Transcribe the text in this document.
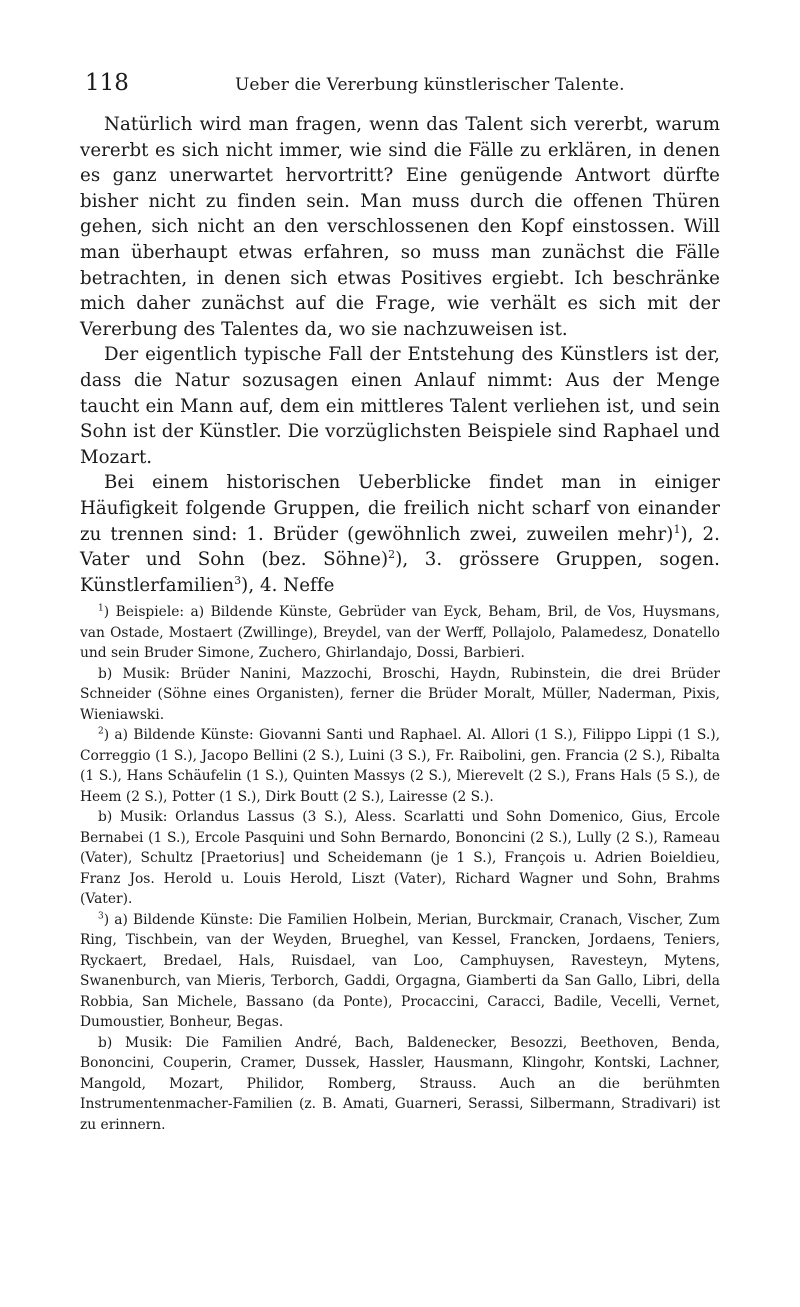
118	Ueber die Vererbung künstlerischer Talente.

Natürlich wird man fragen, wenn das Talent sich vererbt, warum vererbt es sich nicht immer, wie sind die Fälle zu erklären, in denen es ganz unerwartet hervortritt? Eine genügende Antwort dürfte bisher nicht zu finden sein. Man muss durch die offenen Thüren gehen, sich nicht an den verschlossenen den Kopf einstossen. Will man überhaupt etwas erfahren, so muss man zunächst die Fälle betrachten, in denen sich etwas Positives ergiebt. Ich beschränke mich daher zunächst auf die Frage, wie verhält es sich mit der Vererbung des Talentes da, wo sie nachzuweisen ist.

Der eigentlich typische Fall der Entstehung des Künstlers ist der, dass die Natur sozusagen einen Anlauf nimmt: Aus der Menge taucht ein Mann auf, dem ein mittleres Talent verliehen ist, und sein Sohn ist der Künstler. Die vorzüglichsten Beispiele sind Raphael und Mozart.

Bei einem historischen Ueberblicke findet man in einiger Häufigkeit folgende Gruppen, die freilich nicht scharf von einander zu trennen sind: 1. Brüder (gewöhnlich zwei, zuweilen mehr)$^1$), 2. Vater und Sohn (bez. Söhne)$^2$), 3. grössere Gruppen, sogen. Künstlerfamilien$^3$), 4. Neffe

$^1$) Beispiele: a) Bildende Künste, Gebrüder van Eyck, Beham, Bril, de Vos, Huysmans, van Ostade, Mostaert (Zwillinge), Breydel, van der Werff, Pollajolo, Palamedesz, Donatello und sein Bruder Simone, Zuchero, Ghirlandajo, Dossi, Barbieri.

b) Musik: Brüder Nanini, Mazzochi, Broschi, Haydn, Rubinstein, die drei Brüder Schneider (Söhne eines Organisten), ferner die Brüder Moralt, Müller, Naderman, Pixis, Wieniawski.

$^2$) a) Bildende Künste: Giovanni Santi und Raphael. Al. Allori (1 S.), Filippo Lippi (1 S.), Correggio (1 S.), Jacopo Bellini (2 S.), Luini (3 S.), Fr. Raibolini, gen. Francia (2 S.), Ribalta (1 S.), Hans Schäufelin (1 S.), Quinten Massys (2 S.), Mierevelt (2 S.), Frans Hals (5 S.), de Heem (2 S.), Potter (1 S.), Dirk Boutt (2 S.), Lairesse (2 S.).

b) Musik: Orlandus Lassus (3 S.), Aless. Scarlatti und Sohn Domenico, Gius, Ercole Bernabei (1 S.), Ercole Pasquini und Sohn Bernardo, Bononcini (2 S.), Lully (2 S.), Rameau (Vater), Schultz [Praetorius] und Scheidemann (je 1 S.), François u. Adrien Boieldieu, Franz Jos. Herold u. Louis Herold, Liszt (Vater), Richard Wagner und Sohn, Brahms (Vater).

$^3$) a) Bildende Künste: Die Familien Holbein, Merian, Burckmair, Cranach, Vischer, Zum Ring, Tischbein, van der Weyden, Brueghel, van Kessel, Francken, Jordaens, Teniers, Ryckaert, Bredael, Hals, Ruisdael, van Loo, Camphuysen, Ravesteyn, Mytens, Swanenburch, van Mieris, Terborch, Gaddi, Orgagna, Giamberti da San Gallo, Libri, della Robbia, San Michele, Bassano (da Ponte), Procaccini, Caracci, Badile, Vecelli, Vernet, Dumoustier, Bonheur, Begas.

b) Musik: Die Familien André, Bach, Baldenecker, Besozzi, Beethoven, Benda, Bononcini, Couperin, Cramer, Dussek, Hassler, Hausmann, Klingohr, Kontski, Lachner, Mangold, Mozart, Philidor, Romberg, Strauss. Auch an die berühmten Instrumentenmacher-Familien (z. B. Amati, Guarneri, Serassi, Silbermann, Stradivari) ist zu erinnern.
